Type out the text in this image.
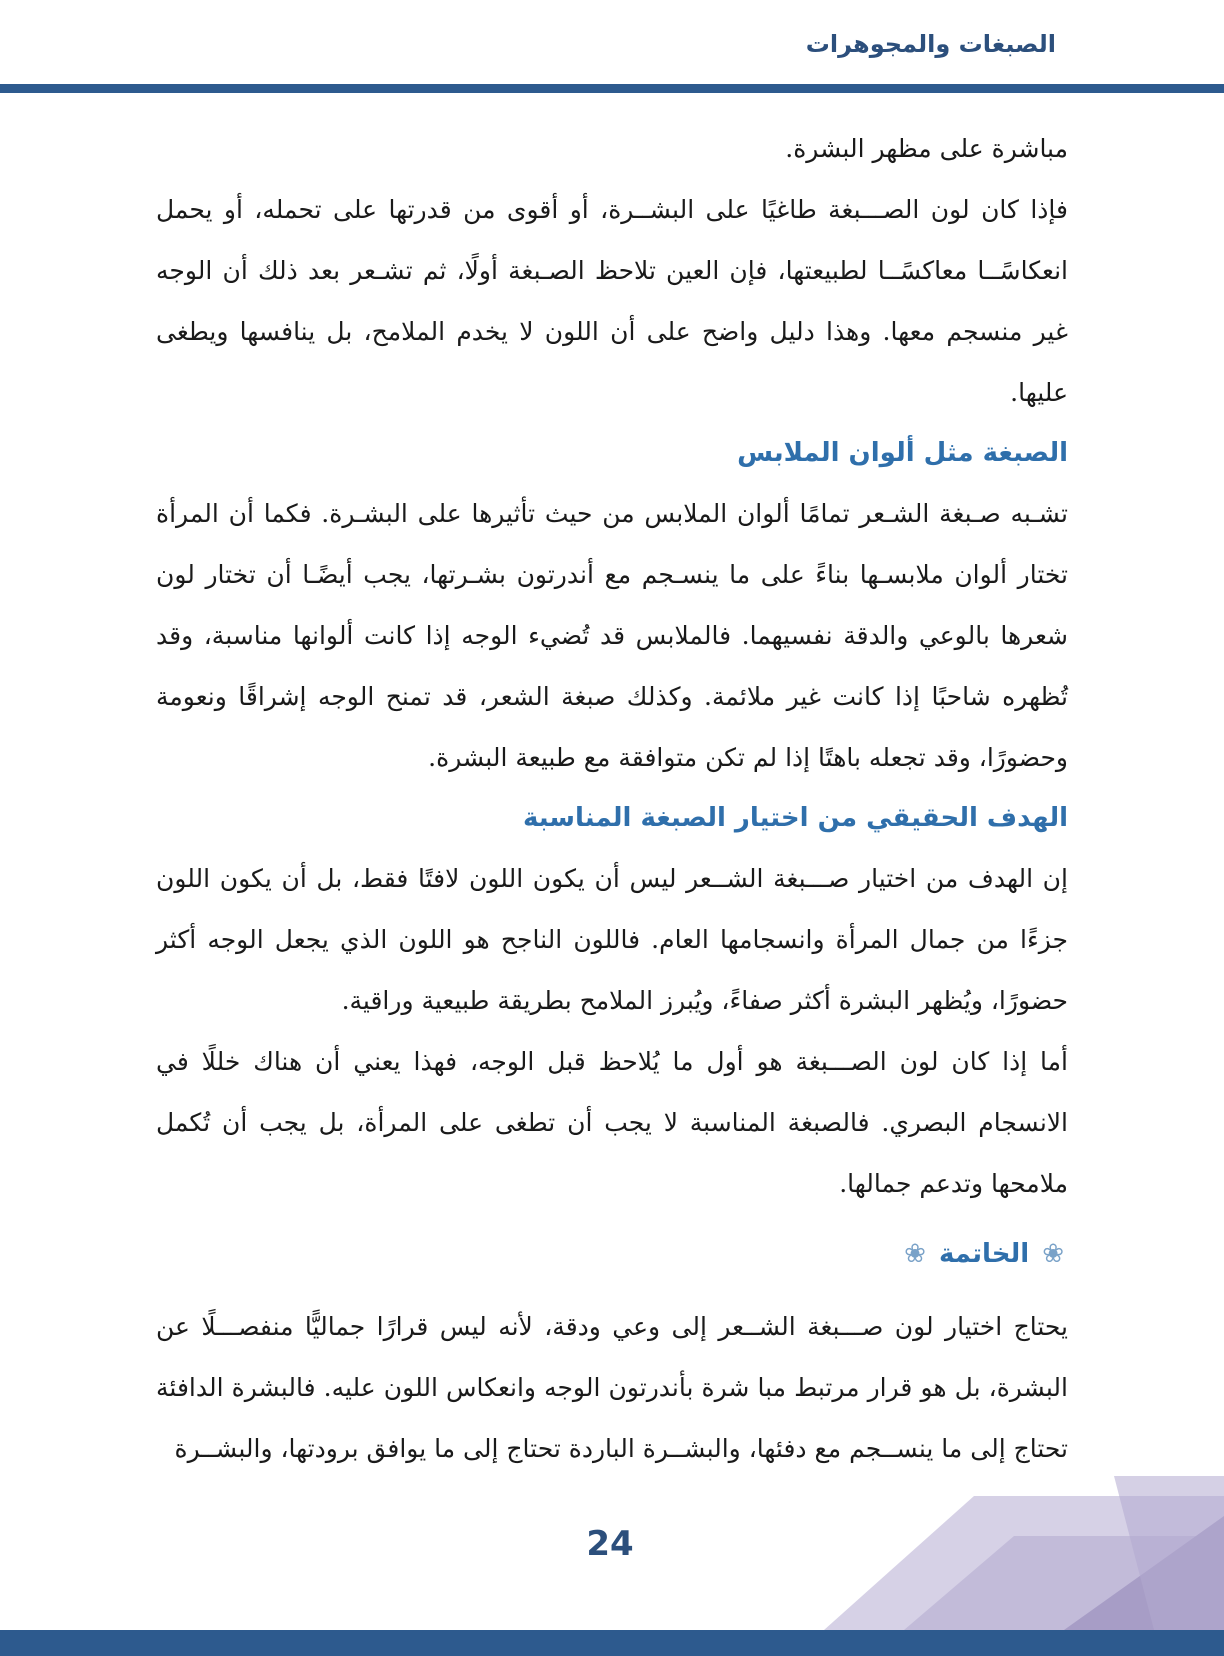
الصبغات والمجوهرات

مباشرة على مظهر البشرة.

فإذا كان لون الصـــبغة طاغيًا على البشــرة، أو أقوى من قدرتها على تحمله، أو يحمل انعكاسًــا معاكسًــا لطبيعتها، فإن العين تلاحظ الصـبغة أولًا، ثم تشـعر بعد ذلك أن الوجه غير منسجم معها. وهذا دليل واضح على أن اللون لا يخدم الملامح، بل ينافسها ويطغى عليها.

الصبغة مثل ألوان الملابس

تشـبه صـبغة الشـعر تمامًا ألوان الملابس من حيث تأثيرها على البشـرة. فكما أن المرأة تختار ألوان ملابسـها بناءً على ما ينسـجم مع أندرتون بشـرتها، يجب أيضًـا أن تختار لون شعرها بالوعي والدقة نفسيهما. فالملابس قد تُضيء الوجه إذا كانت ألوانها مناسبة، وقد تُظهره شاحبًا إذا كانت غير ملائمة. وكذلك صبغة الشعر، قد تمنح الوجه إشراقًا ونعومة وحضورًا، وقد تجعله باهتًا إذا لم تكن متوافقة مع طبيعة البشرة.

الهدف الحقيقي من اختيار الصبغة المناسبة

إن الهدف من اختيار صـــبغة الشــعر ليس أن يكون اللون لافتًا فقط، بل أن يكون اللون جزءًا من جمال المرأة وانسجامها العام. فاللون الناجح هو اللون الذي يجعل الوجه أكثر حضورًا، ويُظهر البشرة أكثر صفاءً، ويُبرز الملامح بطريقة طبيعية وراقية.

أما إذا كان لون الصـــبغة هو أول ما يُلاحظ قبل الوجه، فهذا يعني أن هناك خللًا في الانسجام البصري. فالصبغة المناسبة لا يجب أن تطغى على المرأة، بل يجب أن تُكمل ملامحها وتدعم جمالها.

❀ الخاتمة ❀

يحتاج اختيار لون صـــبغة الشــعر إلى وعي ودقة، لأنه ليس قرارًا جماليًّا منفصـــلًا عن البشرة، بل هو قرار مرتبط مبا شرة بأندرتون الوجه وانعكاس اللون عليه. فالبشرة الدافئة تحتاج إلى ما ينســجم مع دفئها، والبشــرة الباردة تحتاج إلى ما يوافق برودتها، والبشــرة

24
